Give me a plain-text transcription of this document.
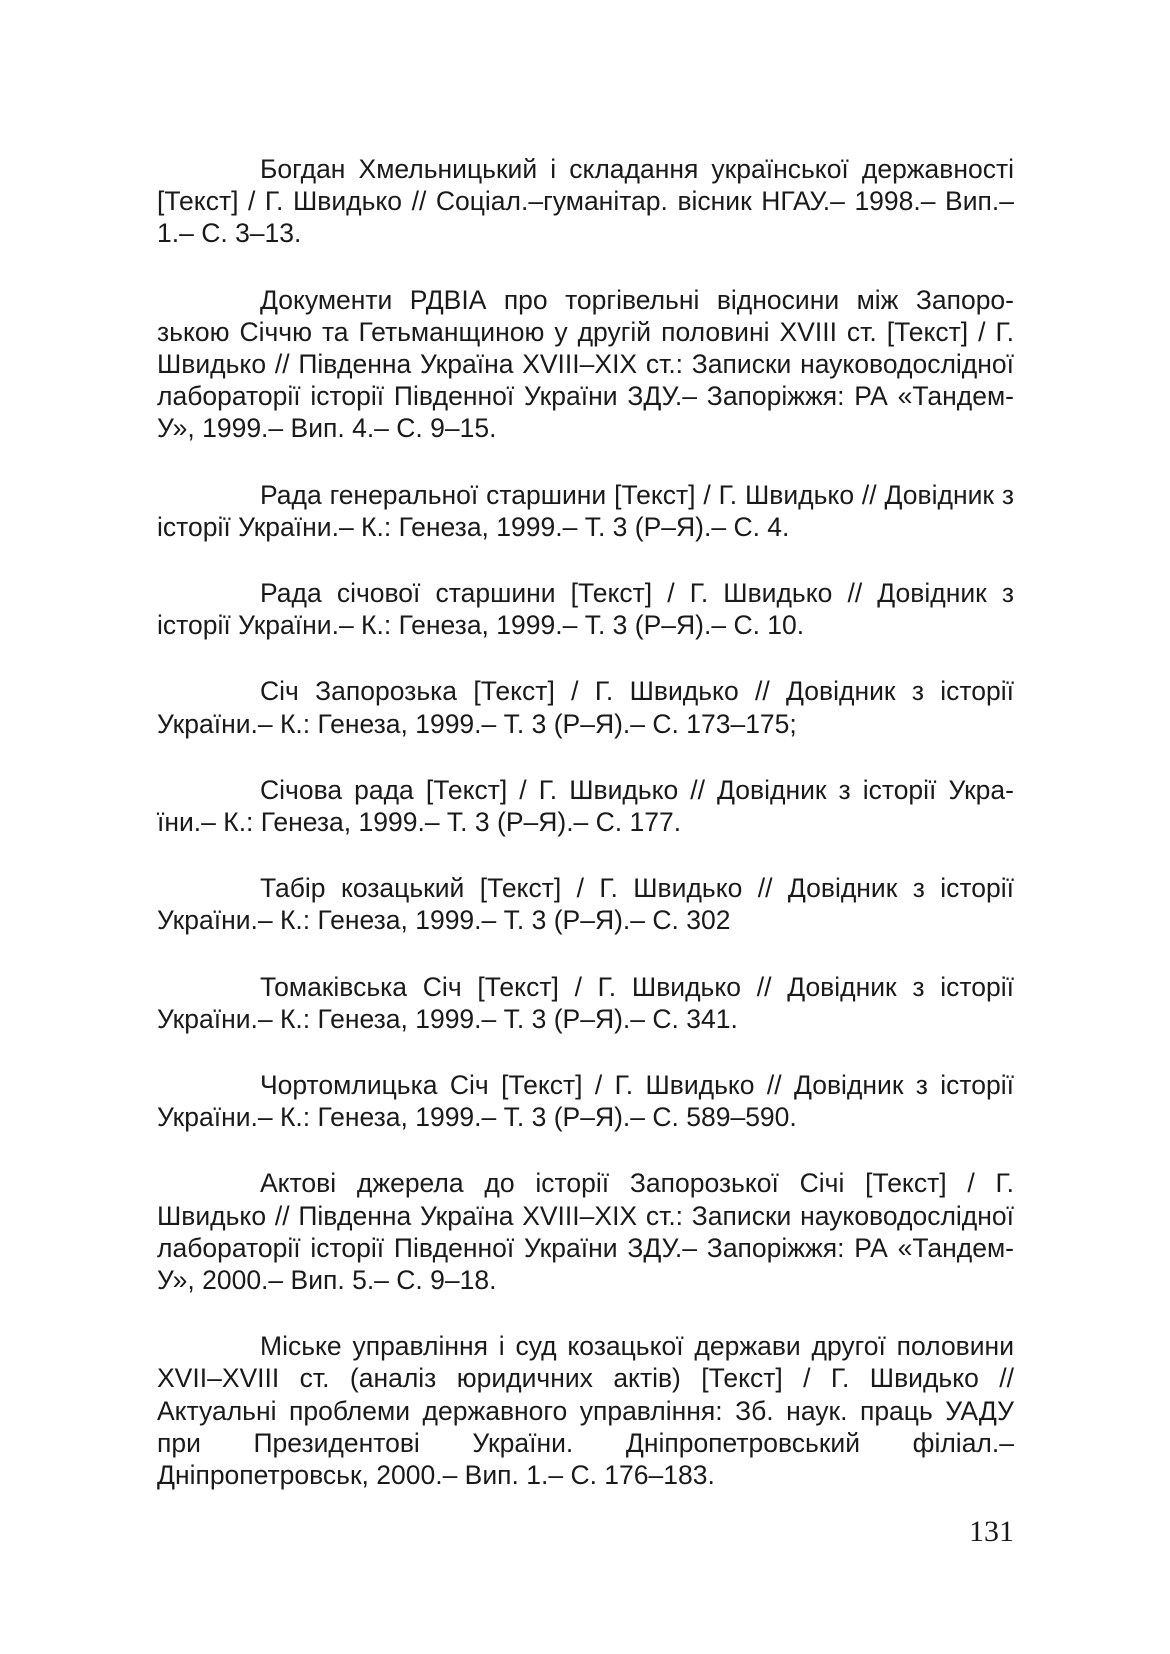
Богдан Хмельницький і складання української державності [Текст] / Г. Швидько // Соціал.–гуманітар. вісник НГАУ.– 1998.– Вип.– 1.– С. 3–13.

Документи РДВІА про торгівельні відносини між Запорозькою Січчю та Гетьманщиною у другій половині XVIII ст. [Текст] / Г. Швидько // Південна Україна XVIII–XIX ст.: Записки науководослідної лабораторії історії Південної України ЗДУ.– Запоріжжя: РА «Тандем-У», 1999.– Вип. 4.– С. 9–15.

Рада генеральної старшини [Текст] / Г. Швидько // Довідник з історії України.– К.: Генеза, 1999.– Т. 3 (Р–Я).– С. 4.

Рада січової старшини [Текст] / Г. Швидько // Довідник з історії України.– К.: Генеза, 1999.– Т. 3 (Р–Я).– С. 10.

Січ Запорозька [Текст] / Г. Швидько // Довідник з історії України.– К.: Генеза, 1999.– Т. 3 (Р–Я).– С. 173–175;

Січова рада [Текст] / Г. Швидько // Довідник з історії України.– К.: Генеза, 1999.– Т. 3 (Р–Я).– С. 177.

Табір козацький [Текст] / Г. Швидько // Довідник з історії України.– К.: Генеза, 1999.– Т. 3 (Р–Я).– С. 302

Томаківська Січ [Текст] / Г. Швидько // Довідник з історії України.– К.: Генеза, 1999.– Т. 3 (Р–Я).– С. 341.

Чортомлицька Січ [Текст] / Г. Швидько // Довідник з історії України.– К.: Генеза, 1999.– Т. 3 (Р–Я).– С. 589–590.

Актові джерела до історії Запорозької Січі [Текст] / Г. Швидько // Південна Україна XVIII–XIX ст.: Записки науководослідної лабораторії історії Південної України ЗДУ.– Запоріжжя: РА «Тандем-У», 2000.– Вип. 5.– С. 9–18.

Міське управління і суд козацької держави другої половини XVII–XVIII ст. (аналіз юридичних актів) [Текст] / Г. Швидько // Актуальні проблеми державного управління: Зб. наук. праць УАДУ при Президентові України. Дніпропетровський філіал.– Дніпропетровськ, 2000.– Вип. 1.– С. 176–183.

131
